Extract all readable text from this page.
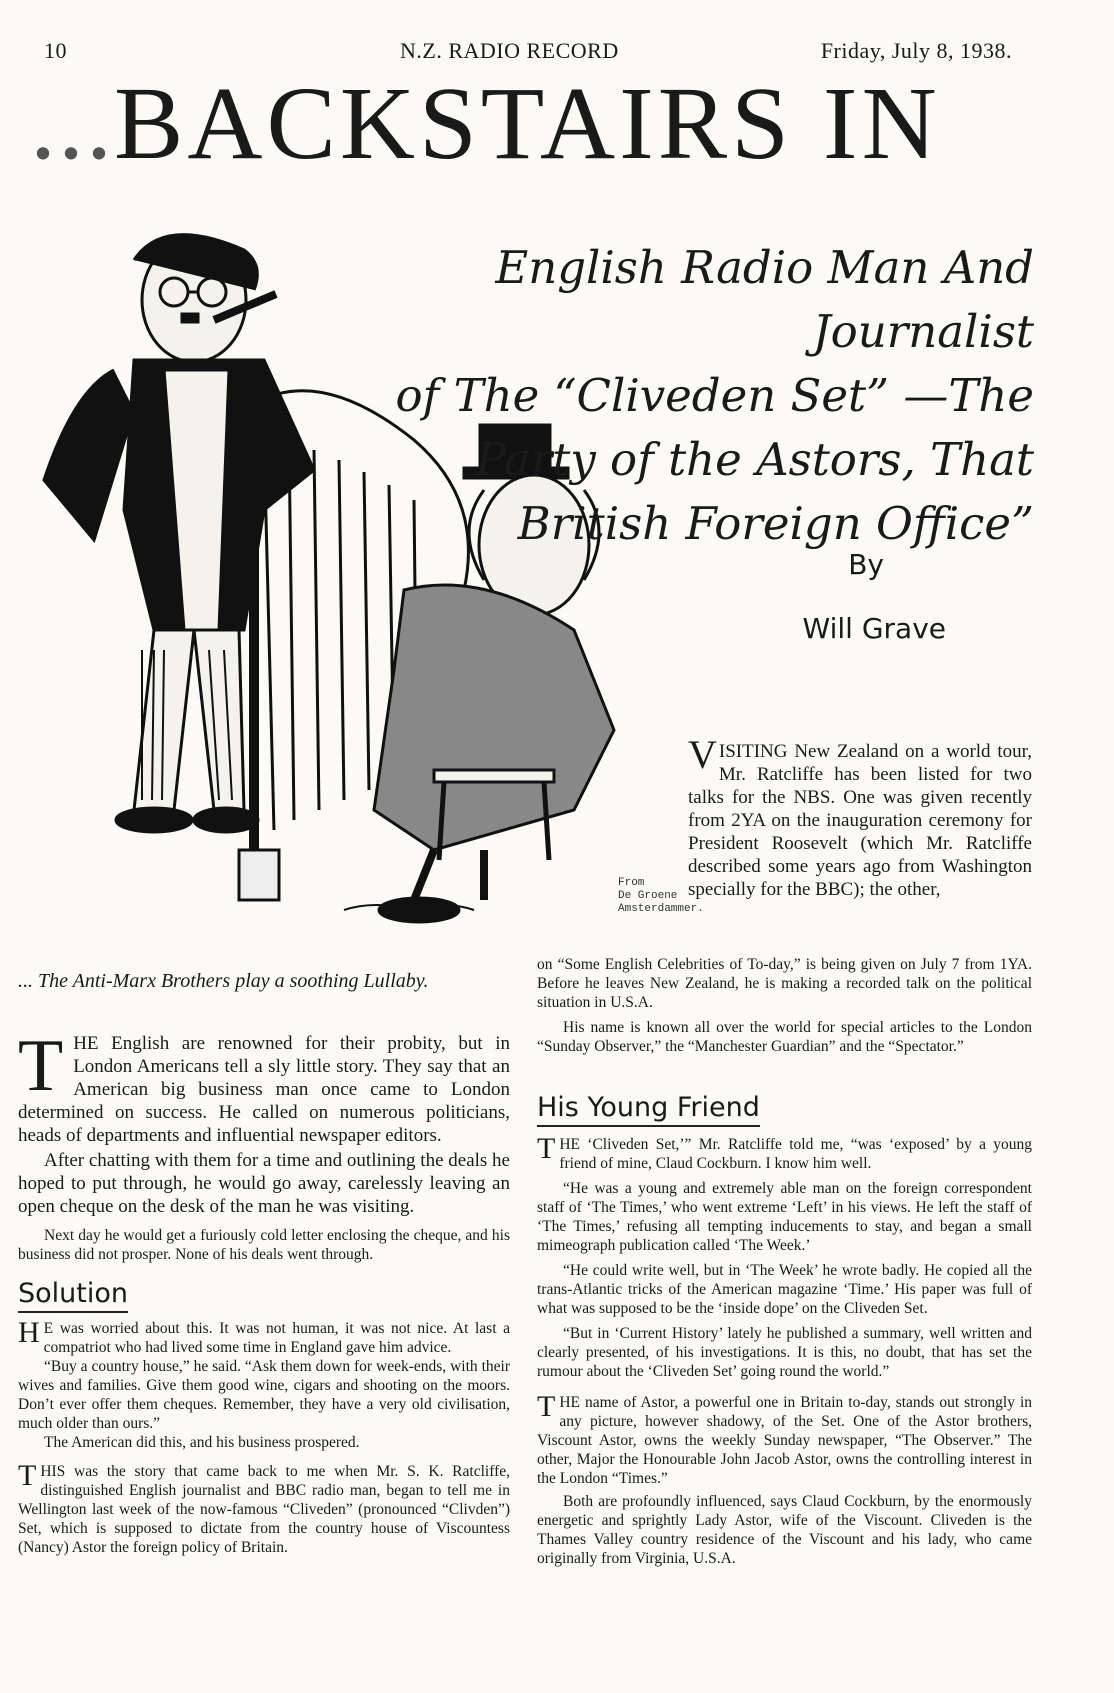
10	N.Z. RADIO RECORD	Friday, July 8, 1938.
...BACKSTAIRS IN
English Radio Man And Journalist
of The “Cliveden Set” —The
Party of the Astors, That
British Foreign Office”
By
Will Grave
From
De Groene
Amsterdammer.
... The Anti-Marx Brothers play a soothing Lullaby.
V ISITING New Zealand on a world tour, Mr. Ratcliffe has been listed for two talks for the NBS. One was given recently from 2YA on the inauguration ceremony for President Roosevelt (which Mr. Ratcliffe described some years ago from Washington specially for the BBC); the other,

on “Some English Celebrities of To-day,” is being given on July 7 from 1YA. Before he leaves New Zealand, he is making a recorded talk on the political situation in U.S.A.

His name is known all over the world for special articles to the London “Sunday Observer,” the “Manchester Guardian” and the “Spectator.”

T HE English are renowned for their probity, but in London Americans tell a sly little story. They say that an American big business man once came to London determined on success. He called on numerous politicians, heads of departments and influential newspaper editors.

After chatting with them for a time and outlining the deals he hoped to put through, he would go away, carelessly leaving an open cheque on the desk of the man he was visiting.

Next day he would get a furiously cold letter enclosing the cheque, and his business did not prosper. None of his deals went through.

Solution
H E was worried about this. It was not human, it was not nice. At last a compatriot who had lived some time in England gave him advice.

“Buy a country house,” he said. “Ask them down for week-ends, with their wives and families. Give them good wine, cigars and shooting on the moors. Don’t ever offer them cheques. Remember, they have a very old civilisation, much older than ours.”

The American did this, and his business prospered.

T HIS was the story that came back to me when Mr. S. K. Ratcliffe, distinguished English journalist and BBC radio man, began to tell me in Wellington last week of the now-famous “Cliveden” (pronounced “Clivden”) Set, which is supposed to dictate from the country house of Viscountess (Nancy) Astor the foreign policy of Britain.
His Young Friend
T HE ‘Cliveden Set,’” Mr. Ratcliffe told me, “was ‘exposed’ by a young friend of mine, Claud Cockburn. I know him well.

“He was a young and extremely able man on the foreign correspondent staff of ‘The Times,’ who went extreme ‘Left’ in his views. He left the staff of ‘The Times,’ refusing all tempting inducements to stay, and began a small mimeograph publication called ‘The Week.’

“He could write well, but in ‘The Week’ he wrote badly. He copied all the trans-Atlantic tricks of the American magazine ‘Time.’ His paper was full of what was supposed to be the ‘inside dope’ on the Cliveden Set.

“But in ‘Current History’ lately he published a summary, well written and clearly presented, of his investigations. It is this, no doubt, that has set the rumour about the ‘Cliveden Set’ going round the world.”

T HE name of Astor, a powerful one in Britain to-day, stands out strongly in any picture, however shadowy, of the Set. One of the Astor brothers, Viscount Astor, owns the weekly Sunday newspaper, “The Observer.” The other, Major the Honourable John Jacob Astor, owns the controlling interest in the London “Times.”

Both are profoundly influenced, says Claud Cockburn, by the enormously energetic and sprightly Lady Astor, wife of the Viscount. Cliveden is the Thames Valley country residence of the Viscount and his lady, who came originally from Virginia, U.S.A.
